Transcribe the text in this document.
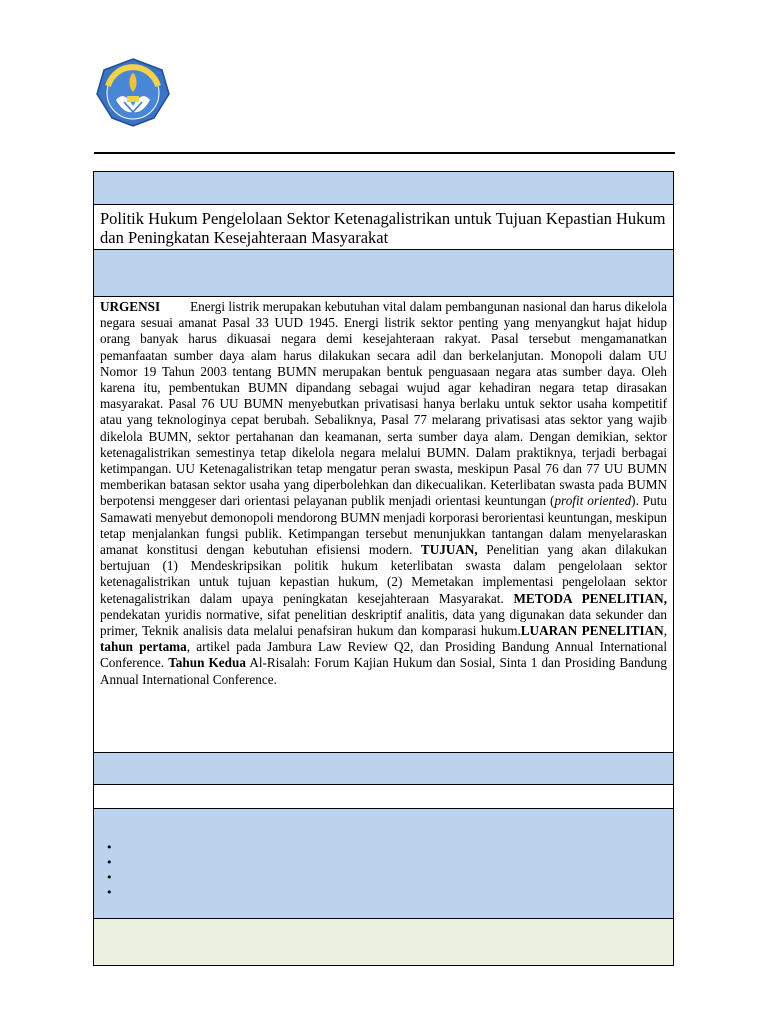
Politik Hukum Pengelolaan Sektor Ketenagalistrikan untuk Tujuan Kepastian Hukum dan Peningkatan Kesejahteraan Masyarakat
URGENSI Energi listrik merupakan kebutuhan vital dalam pembangunan nasional dan harus dikelola negara sesuai amanat Pasal 33 UUD 1945. Energi listrik sektor penting yang menyangkut hajat hidup orang banyak harus dikuasai negara demi kesejahteraan rakyat. Pasal tersebut mengamanatkan pemanfaatan sumber daya alam harus dilakukan secara adil dan berkelanjutan. Monopoli dalam UU Nomor 19 Tahun 2003 tentang BUMN merupakan bentuk penguasaan negara atas sumber daya. Oleh karena itu, pembentukan BUMN dipandang sebagai wujud agar kehadiran negara tetap dirasakan masyarakat. Pasal 76 UU BUMN menyebutkan privatisasi hanya berlaku untuk sektor usaha kompetitif atau yang teknologinya cepat berubah. Sebaliknya, Pasal 77 melarang privatisasi atas sektor yang wajib dikelola BUMN, sektor pertahanan dan keamanan, serta sumber daya alam. Dengan demikian, sektor ketenagalistrikan semestinya tetap dikelola negara melalui BUMN. Dalam praktiknya, terjadi berbagai ketimpangan. UU Ketenagalistrikan tetap mengatur peran swasta, meskipun Pasal 76 dan 77 UU BUMN memberikan batasan sektor usaha yang diperbolehkan dan dikecualikan. Keterlibatan swasta pada BUMN berpotensi menggeser dari orientasi pelayanan publik menjadi orientasi keuntungan (profit oriented). Putu Samawati menyebut demonopoli mendorong BUMN menjadi korporasi berorientasi keuntungan, meskipun tetap menjalankan fungsi publik. Ketimpangan tersebut menunjukkan tantangan dalam menyelaraskan amanat konstitusi dengan kebutuhan efisiensi modern. TUJUAN, Penelitian yang akan dilakukan bertujuan (1) Mendeskripsikan politik hukum keterlibatan swasta dalam pengelolaan sektor ketenagalistrikan untuk tujuan kepastian hukum, (2) Memetakan implementasi pengelolaan sektor ketenagalistrikan dalam upaya peningkatan kesejahteraan Masyarakat. METODA PENELITIAN, pendekatan yuridis normative, sifat penelitian deskriptif analitis, data yang digunakan data sekunder dan primer, Teknik analisis data melalui penafsiran hukum dan komparasi hukum.LUARAN PENELITIAN, tahun pertama, artikel pada Jambura Law Review Q2, dan Prosiding Bandung Annual International Conference. Tahun Kedua Al-Risalah: Forum Kajian Hukum dan Sosial, Sinta 1 dan Prosiding Bandung Annual International Conference.
•
•
•
•
